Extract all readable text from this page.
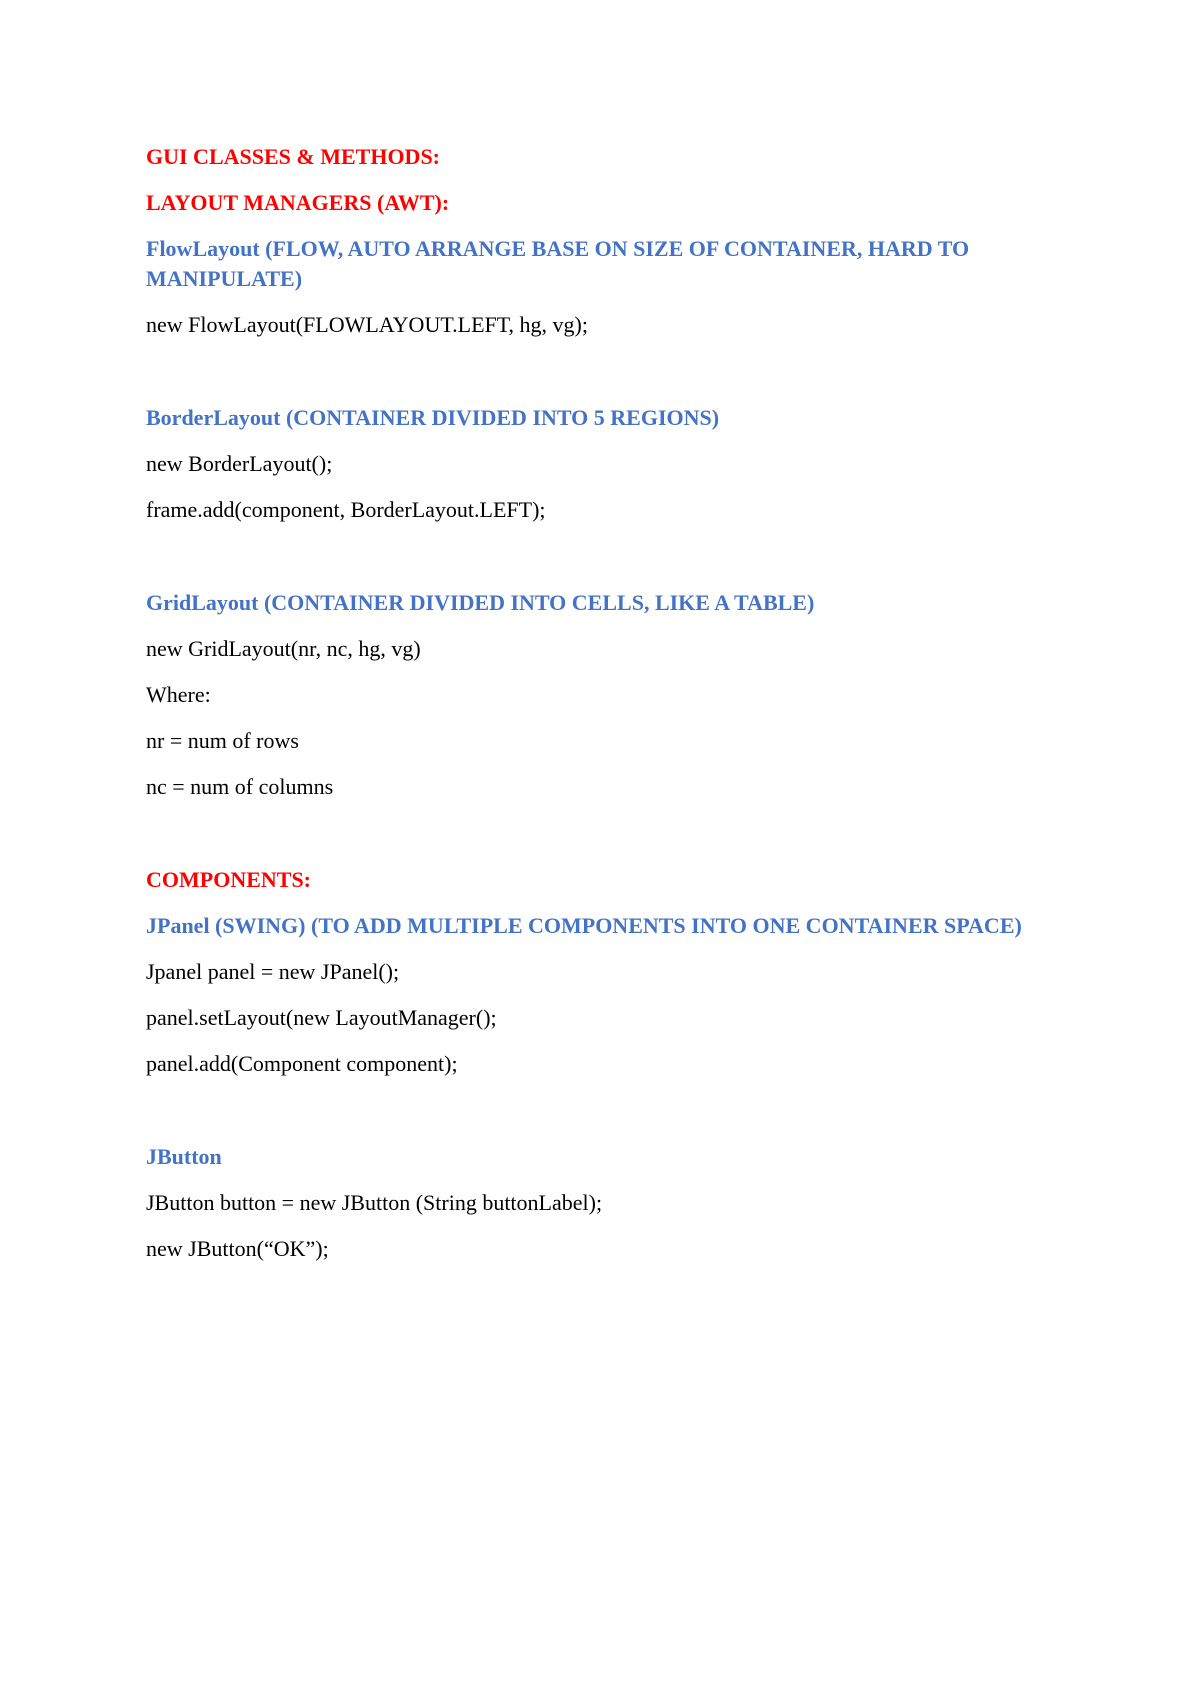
GUI CLASSES & METHODS:
LAYOUT MANAGERS (AWT):
FlowLayout (FLOW, AUTO ARRANGE BASE ON SIZE OF CONTAINER, HARD TO MANIPULATE)
new FlowLayout(FLOWLAYOUT.LEFT, hg, vg);
BorderLayout (CONTAINER DIVIDED INTO 5 REGIONS)
new BorderLayout();
frame.add(component, BorderLayout.LEFT);
GridLayout (CONTAINER DIVIDED INTO CELLS, LIKE A TABLE)
new GridLayout(nr, nc, hg, vg)
Where:
nr = num of rows
nc = num of columns
COMPONENTS:
JPanel (SWING) (TO ADD MULTIPLE COMPONENTS INTO ONE CONTAINER SPACE)
Jpanel panel = new JPanel();
panel.setLayout(new LayoutManager();
panel.add(Component component);
JButton
JButton button = new JButton (String buttonLabel);
new JButton(“OK”);
